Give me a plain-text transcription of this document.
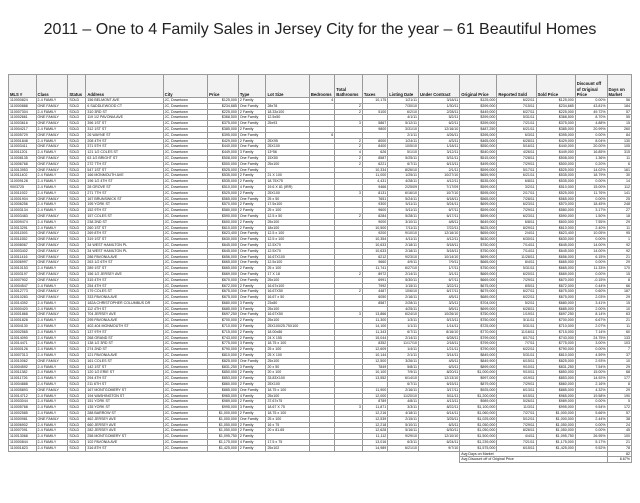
2011 – One to 4 Family Sales in Jersey City for the year – 61 Beautiful Homes
MLS #	Class	Status	Address	City	Price	Type	Lot Size	Bedrooms	Total Bathrooms	Taxes	Listing Date	Under Contract	Original Price	Reported Sold	Sold Price	Discount off of Original Price	Days on Market
110000824	2-4 FAMILY	SOLD	156 BELMONT AVE	JC, Downtown	$125,000	2 Family		4		10,175	1/21/11	3/18/11	$125,000	6/22/11	$125,000	0.00%	56
110000888	ONE FAMILY	SOLD	6 SADDLEWOOD CT	JC, Downtown	$234,685	One Family	28x78		2		7/30/10	1/30/11	$399,000	7/15/11	$234,685	43.81%	184
110007304	2-4 FAMILY	SOLD	310 3RD ST	JC, Downtown	$225,000	2 Family	18.33x100		2	5100	6/2/10	2/28/11	$449,000	6/27/11	$225,000	49.72%	57
110002661	ONE FAMILY	SOLD	119 1/2 PAVONIA AVE	JC, Downtown	$368,500	One Family	12.5x50				4/1/11	5/2/11	$399,000	5/31/11	$368,500	8.70%	55
110003616	ONE FAMILY	SOLD	396 1ST ST	JC, Downtown	$375,000	One Family	25x93		3	5867	5/12/11	6/2/11	$399,000	7/21/11	$375,000	4.88%	15
110004217	2-4 FAMILY	SOLD	312 1ST ST	JC, Downtown	$385,000	2 Family				9800	3/31/10	12/16/10	$487,250	6/21/11	$385,000	20.99%	260
110005729	ONE FAMILY	SOLD	26 WAYNE ST	JC, Downtown	$395,000	One Family		6			2/1/11	4/26/11	$395,000	6/3/11	$395,000	0.00%	84
110001848	2-4 FAMILY	SOLD	208 4TH ST	JC, Downtown	$429,000	2 Family	25X95		2	8000	1/24/11	4/3/11	$465,000	6/28/11	$429,000	8.04%	130
110003411	ONE FAMILY	SOLD	371 5TH ST	JC, Downtown	$440,000	One Family	25X100		2	8400	10/5/10	1/18/11	$550,000	5/16/11	$440,000	20.00%	105
110011201	2-4 FAMILY	SOLD	121 1/2 COLES ST	JC, Downtown	$449,000	3 Family	13*56		4	626	5/1/10	3/12/11	$540,000	4/26/11	$449,000	16.85%	315
110008135	ONE FAMILY	SOLD	63 1/2 BRIGHT ST	JC, Downtown	$508,000	One Family	15X50		2	8587	5/25/11	5/31/11	$515,000	7/28/11	$508,000	1.36%	11
110006768	ONE FAMILY	SOLD	272 7TH ST	JC, Downtown	$500,000	One Family	25x100		2	6221	6/7/11	6/13/11	$499,000	7/29/11	$500,000	0.20%	6
110013953	ONE FAMILY	SOLD	547 1ST ST	JC, Downtown	$525,000	One Family				10,334	8/26/10	2/1/11	$599,000	5/17/11	$525,000	14.02%	161
110011402	2-4 FAMILY	SOLD	166 MONMOUTH AVE	JC, Downtown	$535,000	2 Family	21 X 100			11,000	1/25/11	10/27/10	$659,900	6/21/11	$535,000	18.79%	30
110009128	2-4 FAMILY	SOLD	196 1/2 4TH ST	JC, Downtown	$535,000	2 Family	18.75X75			4,431	4/28/11	4/12/11	$535,000	6/8/11	$535,000	0.00%	14
9003725	2-4 FAMILY	SOLD	28 GROVE ST	JC, Downtown	$510,000	4 Family	19.6 X 81 (IRR)			9466	2/25/09	7/17/09	$599,000	3/2/11	$510,000	15.00%	112
110011922	2-4 FAMILY	SOLD	271 7TH ST	JC, Downtown	$525,000	2 Family	25X100		3	8131	6/16/10	10/7/10	$595,000	2/17/11	$525,000	11.76%	141
110001904	ONE FAMILY	SOLD	167 BRUNSWICK ST	JC, Downtown	$565,000	One Family	25 x 50			7651	5/24/11	6/18/11	$565,000	7/28/11	$565,000	0.00%	25
110006256	2-4 FAMILY	SOLD	195 YORK ST	JC, Downtown	$570,000	2 Family	17.5x100			9300	5/11/11	5/24/11	$699,000	6/23/11	$570,000	18.45%	248
110003134	2-4 FAMILY	SOLD	152 9TH ST	JC, Downtown	$580,000	2 Family	25 x 100			9600	5/11/11	6/7/11	$599,000	7/29/11	$580,000	3.17%	27
110003483	ONE FAMILY	SOLD	157 COLES ST	JC, Downtown	$590,000	One Family	12.5 x 50		2	8284	5/28/11	6/17/11	$599,000	6/23/11	$590,000	1.50%	18
110009474	2-4 FAMILY	SOLD	238 2ND ST	JC, Downtown	$600,000	2 Family	25x100			9000	3/10/11	4/8/11	$649,000	6/8/11	$600,000	7.55%	29
110013291	2-4 FAMILY	SOLD	260 1ST ST	JC, Downtown	$610,000	2 Family	18x100			10,500	7/11/11	7/22/11	$625,000	8/29/11	$610,000	2.40%	11
110011593	ONE FAMILY	SOLD	269 8TH ST	JC, Downtown	$623,400	One Family	12.5 x 100			9200	9/10/10	12/16/10	$659,000	2/4/11	$623,400	10.05%	95
110011552	ONE FAMILY	SOLD	319 1ST ST	JC, Downtown	$630,000	One Family	12.5 x 100			10,354	4/11/11	4/12/11	$630,000	6/30/11	$630,000	0.00%	1
110008067	ONE FAMILY	SOLD	34 WEST HAMILTON PL	JC, Downtown	$645,000	One Family	12.5X70			10,633	2/18/11	5/18/11	$750,000	7/14/11	$645,000	14.00%	92
110003402	ONE FAMILY	SOLD	34 WEST HAMILTON PL	JC, Downtown	$645,000	One Family	12.5X70			10,633	2/18/11	5/18/11	$750,000	7/14/11	$645,000	14.00%	92
110011416	ONE FAMILY	SOLD	286 PAVONIA AVE	JC, Downtown	$656,000	One Family	16.67X100			6212	9/23/10	10/14/10	$699,000	11/28/11	$656,000	6.15%	21
110006997	ONE FAMILY	SOLD	263 1/2 6TH ST	JC, Downtown	$665,000	One Family	12.5x100			9660	4/9/11	7/9/11	$665,000	8/4/11	$665,000	0.00%	29
110010153	2-4 FAMILY	SOLD	289 1ST ST	JC, Downtown	$665,000	2 Family	25 x 100			11,741	6/27/10	1/7/11	$750,000	5/31/11	$665,000	11.33%	170
110003197	ONE FAMILY	SOLD	156 1/2 JERSEY AVE	JC, Downtown	$669,000	One Family	17 X 18		2	8972	2/14/11	3/1/11	$669,000	6/20/11	$669,000	0.00%	15
110007902	ONE FAMILY	SOLD	315 4TH ST	JC, Downtown	$670,000	One Family	25x100			6991	5/30/11	6/7/11	$669,000	7/29/11	$670,000	-0.15%	8
110004547	2-4 FAMILY	SOLD	254 4TH ST	JC, Downtown	$672,000	2 Family	16.67x100			7992	1/15/11	3/22/11	$675,000	8/5/11	$672,000	0.44%	66
110012773	ONE FAMILY	SOLD	179 COLES ST	JC, Downtown	$675,000	One Family	16.67X50		2	4487	10/6/10	6/17/11	$679,000	6/27/11	$675,000	0.60%	187
110010283	ONE FAMILY	SOLD	333 PAVONIA AVE	JC, Downtown	$675,000	One Family	16.67 x 50			6050	2/16/11	4/5/11	$689,000	6/22/11	$675,000	2.03%	29
110014392	2-4 FAMILY	SOLD	182A CHRISTOPHER COLUMBUS DR	JC, Downtown	$680,000	3 Family	23x80			8587	2/28/11	3/3/11	$704,000	5/2/11	$680,000	3.41%	15
110000420	2-4 FAMILY	SOLD	112 4TH ST	JC, Downtown	$685,000	3 Family	25x100				4/25/11	5/5/11	$699,000	6/28/11	$685,000	2.00%	10
110001868	ONE FAMILY	SOLD	704 JERSEY AVE	JC, Downtown	$697,250	One Family	16.67X50		3	13,866	6/24/10	10/26/10	$750,000	1/19/11	$697,250	8.14%	63
110001828	2-4 FAMILY	SOLD	295 PAVONIA AVE	JC, Downtown	$700,000	2 Family	25x100			11,300	1/3/11	5/13/11	$750,000	5/11/11	$700,000	6.67%	21
110004130	2-4 FAMILY	SOLD	402-404 MONMOUTH ST	JC, Downtown	$710,000	2 Family	25X100/25.75X100			14,100	1/1/11	1/14/11	$725,000	5/31/11	$710,000	2.07%	11
110002565	2-4 FAMILY	SOLD	137 9TH ST	JC, Downtown	$715,000	2 Family	18.00x86			11,343	6/7/11	8/16/10	$770,000	11/16/11	$715,000	7.14%	60
110014090	2-4 FAMILY	SOLD	268 GRAND ST	JC, Downtown	$743,000	2 Family	24 X 155			15,044	2/14/11	6/28/11	$799,000	8/17/11	$743,000	24.75%	133
110014471	2-4 FAMILY	SOLD	138 1/2 3RD ST	JC, Downtown	$775,000	3 Family	18.75 x 100			8352	11/17/10	2/18/11	$799,000	7/7/11	$775,000	3.00%	103
110000126	2-4 FAMILY	SOLD	274 2ND ST	JC, Downtown	$790,000	2 Family	25 x 100			12,609	1/4/11	1/21/11	$790,000	6/22/11	$790,000	0.00%	7
110007313	2-4 FAMILY	SOLD	121 PAVONIA AVE	JC, Downtown	$810,000	2 Family	25 X 100			10,144	2/1/11	3/14/11	$849,000	5/31/11	$810,000	4.59%	37
110010062	ONE FAMILY	SOLD	161 COLES ST	JC, Downtown	$825,000	One Family	25x100			12,500	3/26/11	4/5/11	$849,900	6/15/11	$825,000	2.93%	10
110004592	2-4 FAMILY	SOLD	142 1ST ST	JC, Downtown	$831,250	3 Family	20 x 50			7849	5/8/11	6/3/11	$899,000	9/10/11	$831,250	7.54%	29
110011382	2-4 FAMILY	SOLD	120 1/2 ERIE ST	JC, Downtown	$850,000	2 Family	20 x 100			10,100	7/9/11	8/20/11	$1,000,000	9/10/11	$850,000	15.00%	68
110011726	2-4 FAMILY	SOLD	294 4TH ST	JC, Downtown	$853,000	2 Family	33.83X100			13,552	6/14/10	12/13/10	$997,000	4/19/11	$853,000	14.92%	177
110004888	2-4 FAMILY	SOLD	211 6TH ST	JC, Downtown	$860,000	2 Family	25X100				6/7/11	6/15/11	$879,000	7/29/11	$860,000	2.16%	8
110005893	ONE FAMILY	SOLD	167 MONTGOMERY ST	JC, Downtown	$885,000	One Family	18.75 x 100			11,900	2/16/11	3/17/11	$925,000	6/13/11	$885,000	4.32%	29
110014712	2-4 FAMILY	SOLD	194 WASHINGTON ST	JC, Downtown	$965,000	4 Family	25x100			12,000	11/20/10	5/11/11	$1,200,000	6/15/11	$965,000	19.58%	190
110003044	2-4 FAMILY	SOLD	151 YORK ST	JC, Downtown	$989,000	2 Family	37.67x75			8789	4/8/11	4/13/11	$989,000	5/26/11	$989,000	0.00%	5
110005768	2-4 FAMILY	SOLD	135 YORK ST	JC, Downtown	$995,000	3 Family	18.67 X 75		3	11,871	3/3/11	8/22/11	$1,100,000	11/3/11	$995,000	9.54%	172
110002585	2-4 FAMILY	SOLD	288 BARROW ST	JC, Downtown	$1,000,000	2 Family	18.75 x 100			12,216	4/18/11	6/14/11	$1,060,000	7/27/11	$1,000,000	5.66%	57
110000981	ONE FAMILY	SOLD	462 JERSEY AVE	JC, Downtown	$1,000,000	One Family	25 x 100			12,539	2/15/11	3/25/11	$1,025,000	5/12/11	$1,000,000	2.44%	38
110006902	2-4 FAMILY	SOLD	660 JERSEY AVE	JC, Downtown	$1,050,000	2 Family	16 x 75			12,218	5/10/11	6/3/11	$1,050,000	7/29/11	$1,050,000	0.00%	24
110007091	2-4 FAMILY	SOLD	282 JERSEY AVE	JC, Downtown	$1,050,000	2 Family	20 x 81.65			12,628	5/16/11	6/30/11	$1,050,000	8/26/11	$1,050,000	0.00%	45
110013068	2-4 FAMILY	SOLD	258 MONTGOMERY ST	JC, Downtown	$1,095,750	2 Family				11,112	9/29/10	12/10/10	$1,500,000	4/4/11	$1,095,750	26.95%	100
110000844	2-4 FAMILY	SOLD	102 PAVONIA AVE	JC, Downtown	$1,175,000	4 Family	17.5 x 75			13,016	6/3/11	6/24/11	$1,239,000	7/21/11	$1,175,000	5.17%	21
110001823	2-4 FAMILY	SOLD	316 8TH ST	JC, Downtown	$1,425,000	2 Family	25x102			14,989	6/21/10	9/7/10	$1,575,000	6/15/11	$1,425,000	9.52%	78
													Avg Days on Market				82
													Avg Discount off of Original Price				8.67%
